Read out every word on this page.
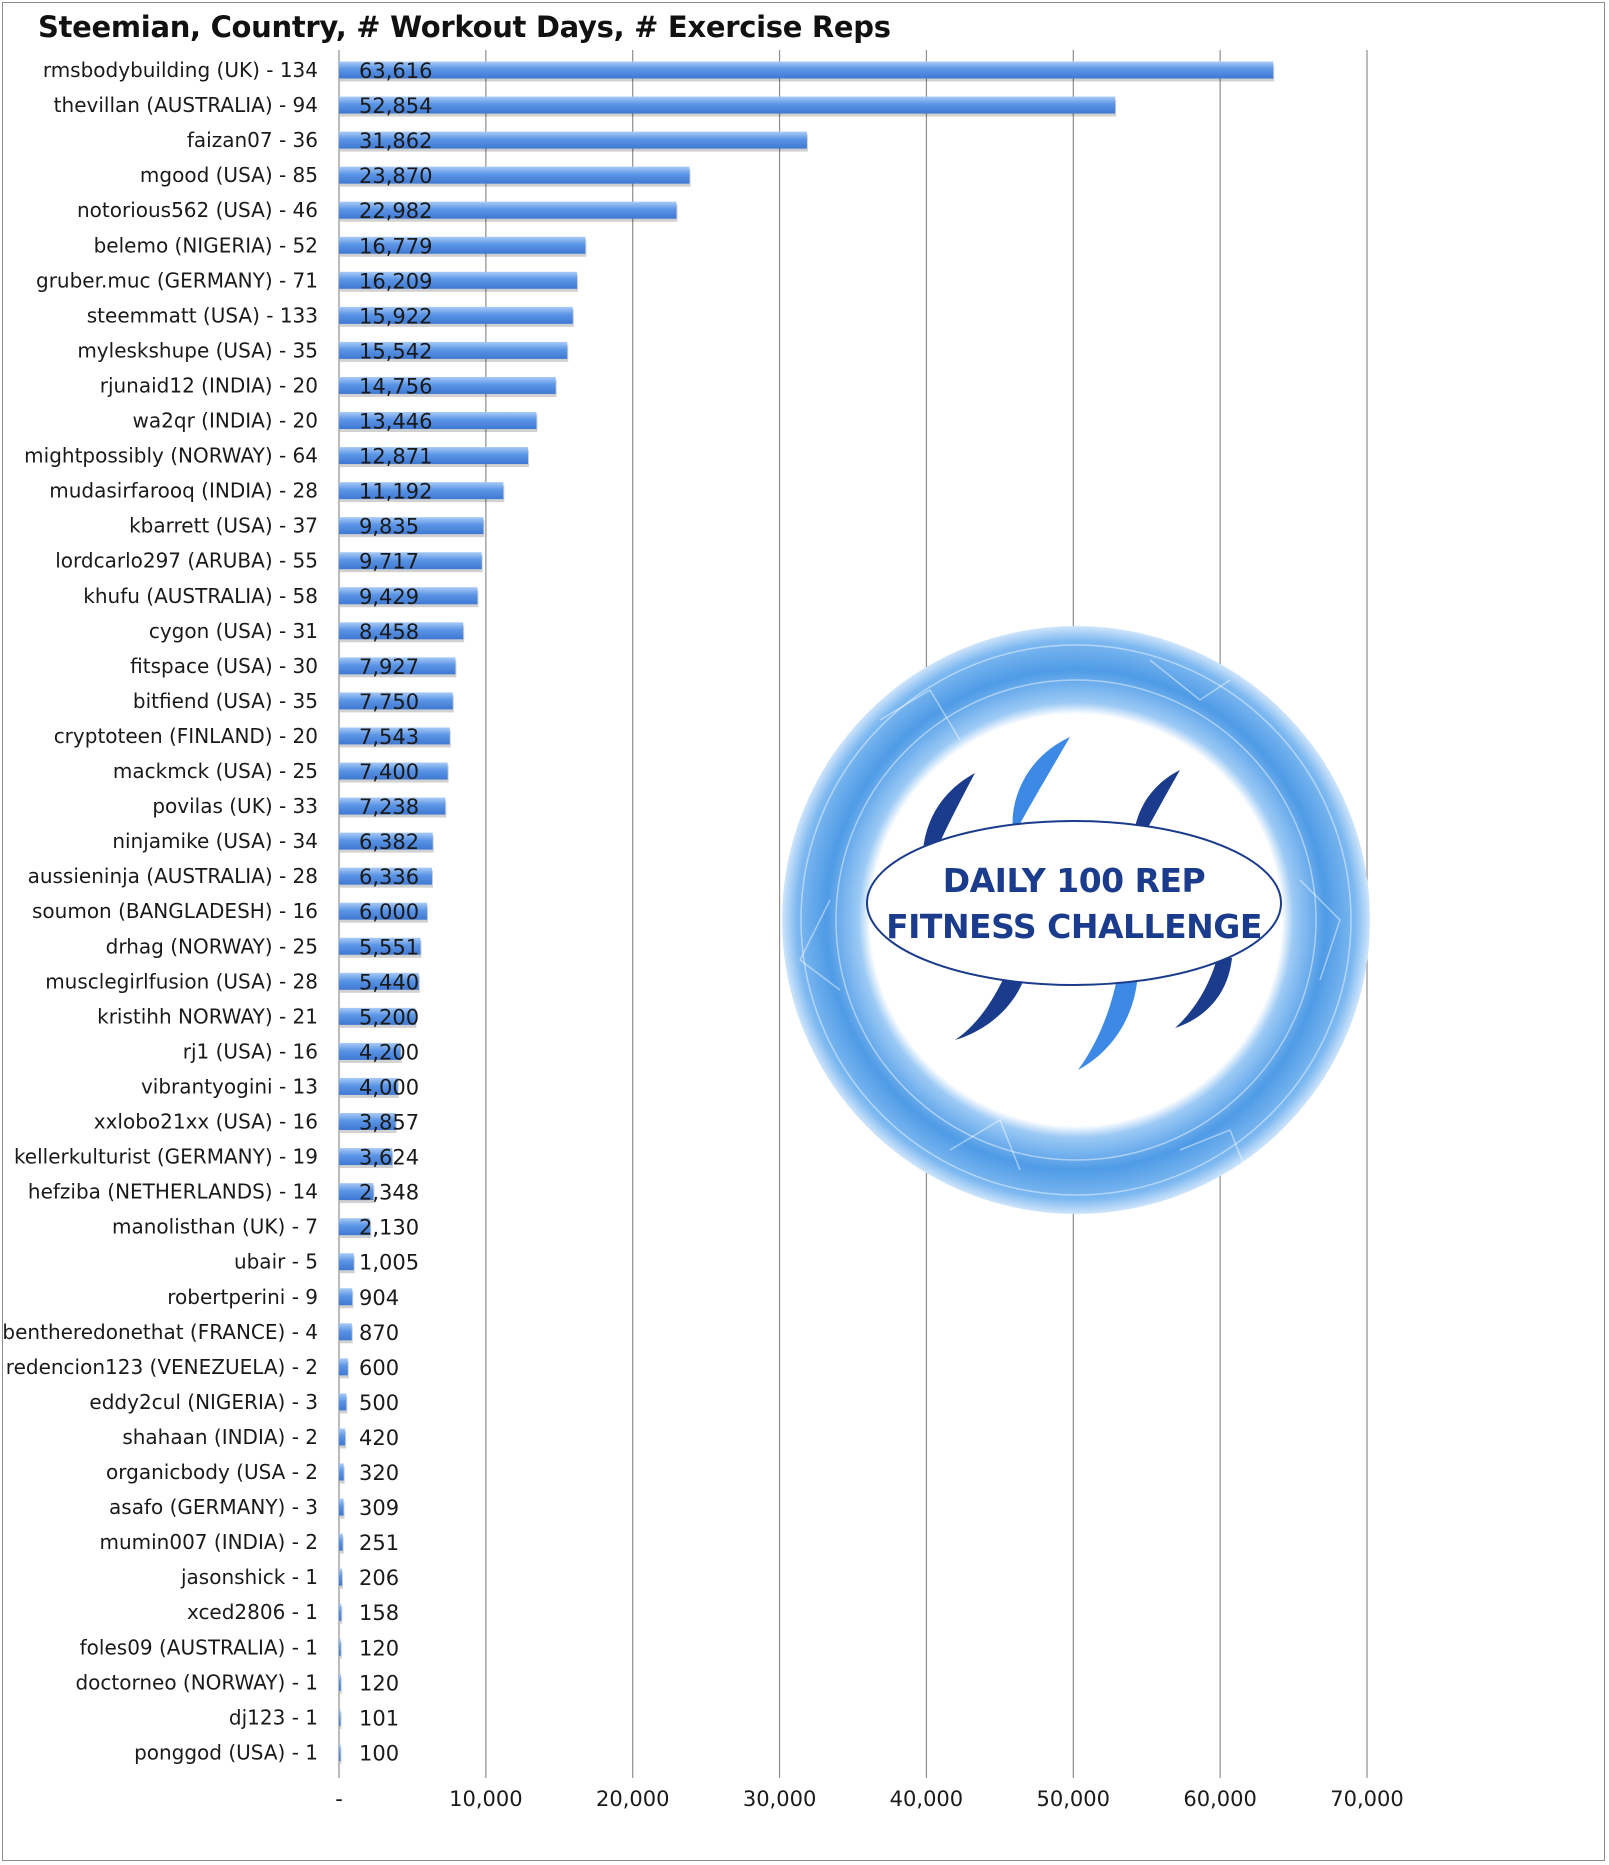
Steemian, Country, # Workout Days, # Exercise Reps
DAILY 100 REP
FITNESS CHALLENGE
rmsbodybuilding (UK) - 134
thevillan (AUSTRALIA) - 94
faizan07 - 36
mgood (USA) - 85
notorious562 (USA) - 46
belemo (NIGERIA) - 52
gruber.muc (GERMANY) - 71
steemmatt (USA) - 133
myleskshupe (USA) - 35
rjunaid12 (INDIA) - 20
wa2qr (INDIA) - 20
mightpossibly (NORWAY) - 64
mudasirfarooq (INDIA) - 28
kbarrett (USA) - 37
lordcarlo297 (ARUBA) - 55
khufu (AUSTRALIA) - 58
cygon (USA) - 31
fitspace (USA) - 30
bitfiend (USA) - 35
cryptoteen (FINLAND) - 20
mackmck (USA) - 25
povilas (UK) - 33
ninjamike (USA) - 34
aussieninja (AUSTRALIA) - 28
soumon (BANGLADESH) - 16
drhag (NORWAY) - 25
musclegirlfusion (USA) - 28
kristihh NORWAY) - 21
rj1 (USA) - 16
vibrantyogini - 13
xxlobo21xx (USA) - 16
kellerkulturist (GERMANY) - 19
hefziba (NETHERLANDS) - 14
manolisthan (UK) - 7
ubair - 5
robertperini - 9
bentheredonethat (FRANCE) - 4
redencion123 (VENEZUELA) - 2
eddy2cul (NIGERIA) - 3
shahaan (INDIA) - 2
organicbody (USA - 2
asafo (GERMANY) - 3
mumin007 (INDIA) - 2
jasonshick - 1
xced2806 - 1
foles09 (AUSTRALIA) - 1
doctorneo (NORWAY) - 1
dj123 - 1
ponggod (USA) - 1
63,616
52,854
31,862
23,870
22,982
16,779
16,209
15,922
15,542
14,756
13,446
12,871
11,192
9,835
9,717
9,429
8,458
7,927
7,750
7,543
7,400
7,238
6,382
6,336
6,000
5,551
5,440
5,200
4,200
4,000
3,857
3,624
2,348
2,130
1,005
904
870
600
500
420
320
309
251
206
158
120
120
101
100
-	10,000	20,000	30,000	40,000	50,000	60,000	70,000
